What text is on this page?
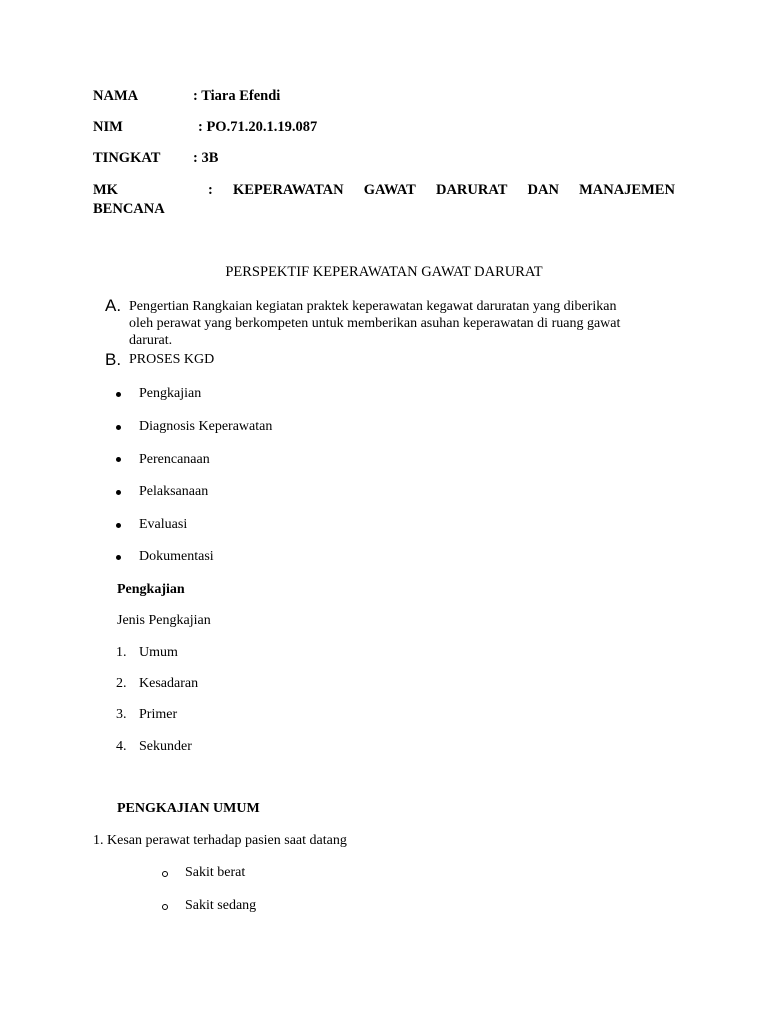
NAMA	: Tiara Efendi
NIM	: PO.71.20.1.19.087
TINGKAT : 3B
MK	: KEPERAWATAN GAWAT DARURAT DAN MANAJEMEN
BENCANA
PERSPEKTIF KEPERAWATAN GAWAT DARURAT
A. Pengertian Rangkaian kegiatan praktek keperawatan kegawat daruratan yang diberikan
oleh perawat yang berkompeten untuk memberikan asuhan keperawatan di ruang gawat
darurat.
B. PROSES KGD
Pengkajian
Diagnosis Keperawatan
Perencanaan
Pelaksanaan
Evaluasi
Dokumentasi
Pengkajian
Jenis Pengkajian
1. Umum
2. Kesadaran
3. Primer
4. Sekunder
PENGKAJIAN UMUM
1. Kesan perawat terhadap pasien saat datang
Sakit berat
Sakit sedang
